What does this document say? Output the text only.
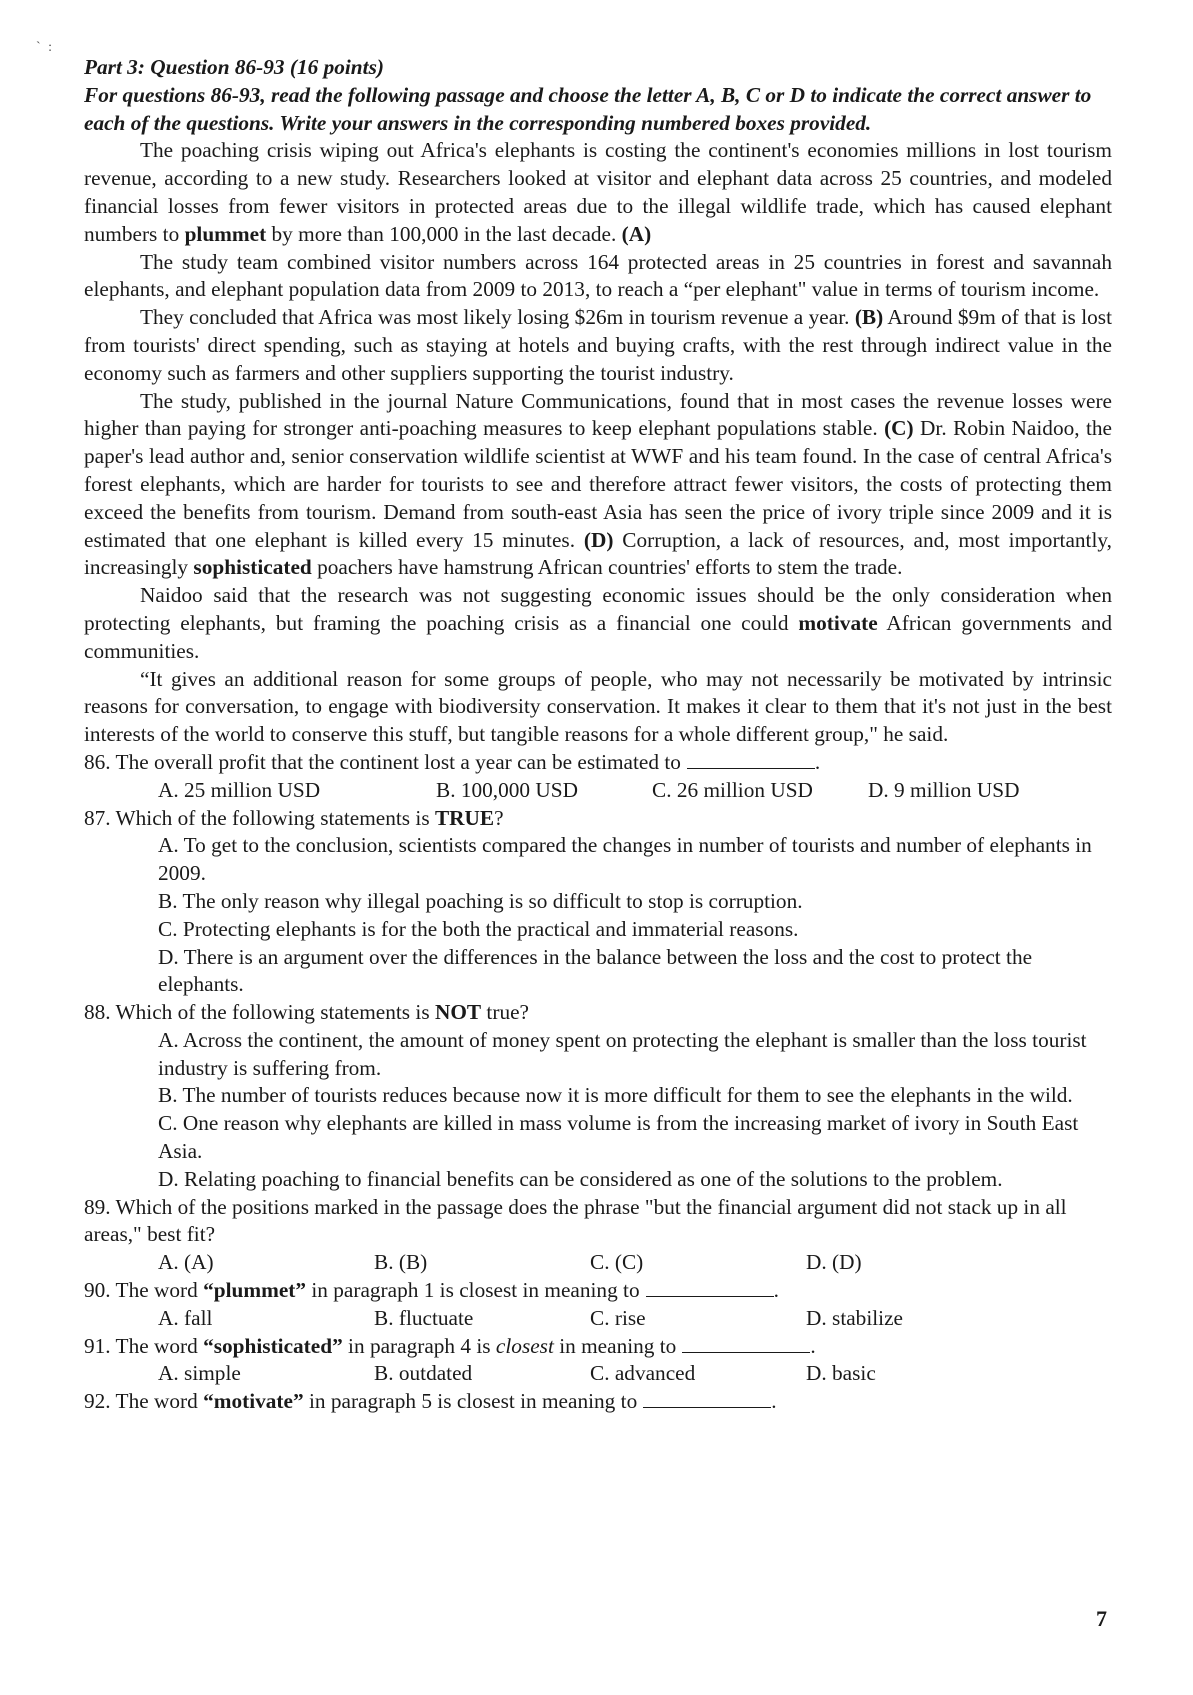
` :
Part 3: Question 86-93 (16 points)
For questions 86-93, read the following passage and choose the letter A, B, C or D to indicate the correct answer to each of the questions. Write your answers in the corresponding numbered boxes provided.
The poaching crisis wiping out Africa's elephants is costing the continent's economies millions in lost tourism revenue, according to a new study. Researchers looked at visitor and elephant data across 25 countries, and modeled financial losses from fewer visitors in protected areas due to the illegal wildlife trade, which has caused elephant numbers to plummet by more than 100,000 in the last decade. (A)
The study team combined visitor numbers across 164 protected areas in 25 countries in forest and savannah elephants, and elephant population data from 2009 to 2013, to reach a “per elephant" value in terms of tourism income.
They concluded that Africa was most likely losing $26m in tourism revenue a year. (B) Around $9m of that is lost from tourists' direct spending, such as staying at hotels and buying crafts, with the rest through indirect value in the economy such as farmers and other suppliers supporting the tourist industry.
The study, published in the journal Nature Communications, found that in most cases the revenue losses were higher than paying for stronger anti-poaching measures to keep elephant populations stable. (C) Dr. Robin Naidoo, the paper's lead author and, senior conservation wildlife scientist at WWF and his team found. In the case of central Africa's forest elephants, which are harder for tourists to see and therefore attract fewer visitors, the costs of protecting them exceed the benefits from tourism. Demand from south-east Asia has seen the price of ivory triple since 2009 and it is estimated that one elephant is killed every 15 minutes. (D) Corruption, a lack of resources, and, most importantly, increasingly sophisticated poachers have hamstrung African countries' efforts to stem the trade.
Naidoo said that the research was not suggesting economic issues should be the only consideration when protecting elephants, but framing the poaching crisis as a financial one could motivate African governments and communities.
“It gives an additional reason for some groups of people, who may not necessarily be motivated by intrinsic reasons for conversation, to engage with biodiversity conservation. It makes it clear to them that it's not just in the best interests of the world to conserve this stuff, but tangible reasons for a whole different group," he said.
86. The overall profit that the continent lost a year can be estimated to	.
A. 25 million USD	B. 100,000 USD	C. 26 million USD	D. 9 million USD
87. Which of the following statements is TRUE?
A. To get to the conclusion, scientists compared the changes in number of tourists and number of elephants in 2009.
B. The only reason why illegal poaching is so difficult to stop is corruption.
C. Protecting elephants is for the both the practical and immaterial reasons.
D. There is an argument over the differences in the balance between the loss and the cost to protect the elephants.
88. Which of the following statements is NOT true?
A. Across the continent, the amount of money spent on protecting the elephant is smaller than the loss tourist industry is suffering from.
B. The number of tourists reduces because now it is more difficult for them to see the elephants in the wild.
C. One reason why elephants are killed in mass volume is from the increasing market of ivory in South East Asia.
D. Relating poaching to financial benefits can be considered as one of the solutions to the problem.
89. Which of the positions marked in the passage does the phrase "but the financial argument did not stack up in all areas," best fit?
A. (A)	B. (B)	C. (C)	D. (D)
90. The word “plummet” in paragraph 1 is closest in meaning to	.
A. fall	B. fluctuate	C. rise	D. stabilize
91. The word “sophisticated” in paragraph 4 is closest in meaning to	.
A. simple	B. outdated	C. advanced	D. basic
92. The word “motivate” in paragraph 5 is closest in meaning to	.
7
